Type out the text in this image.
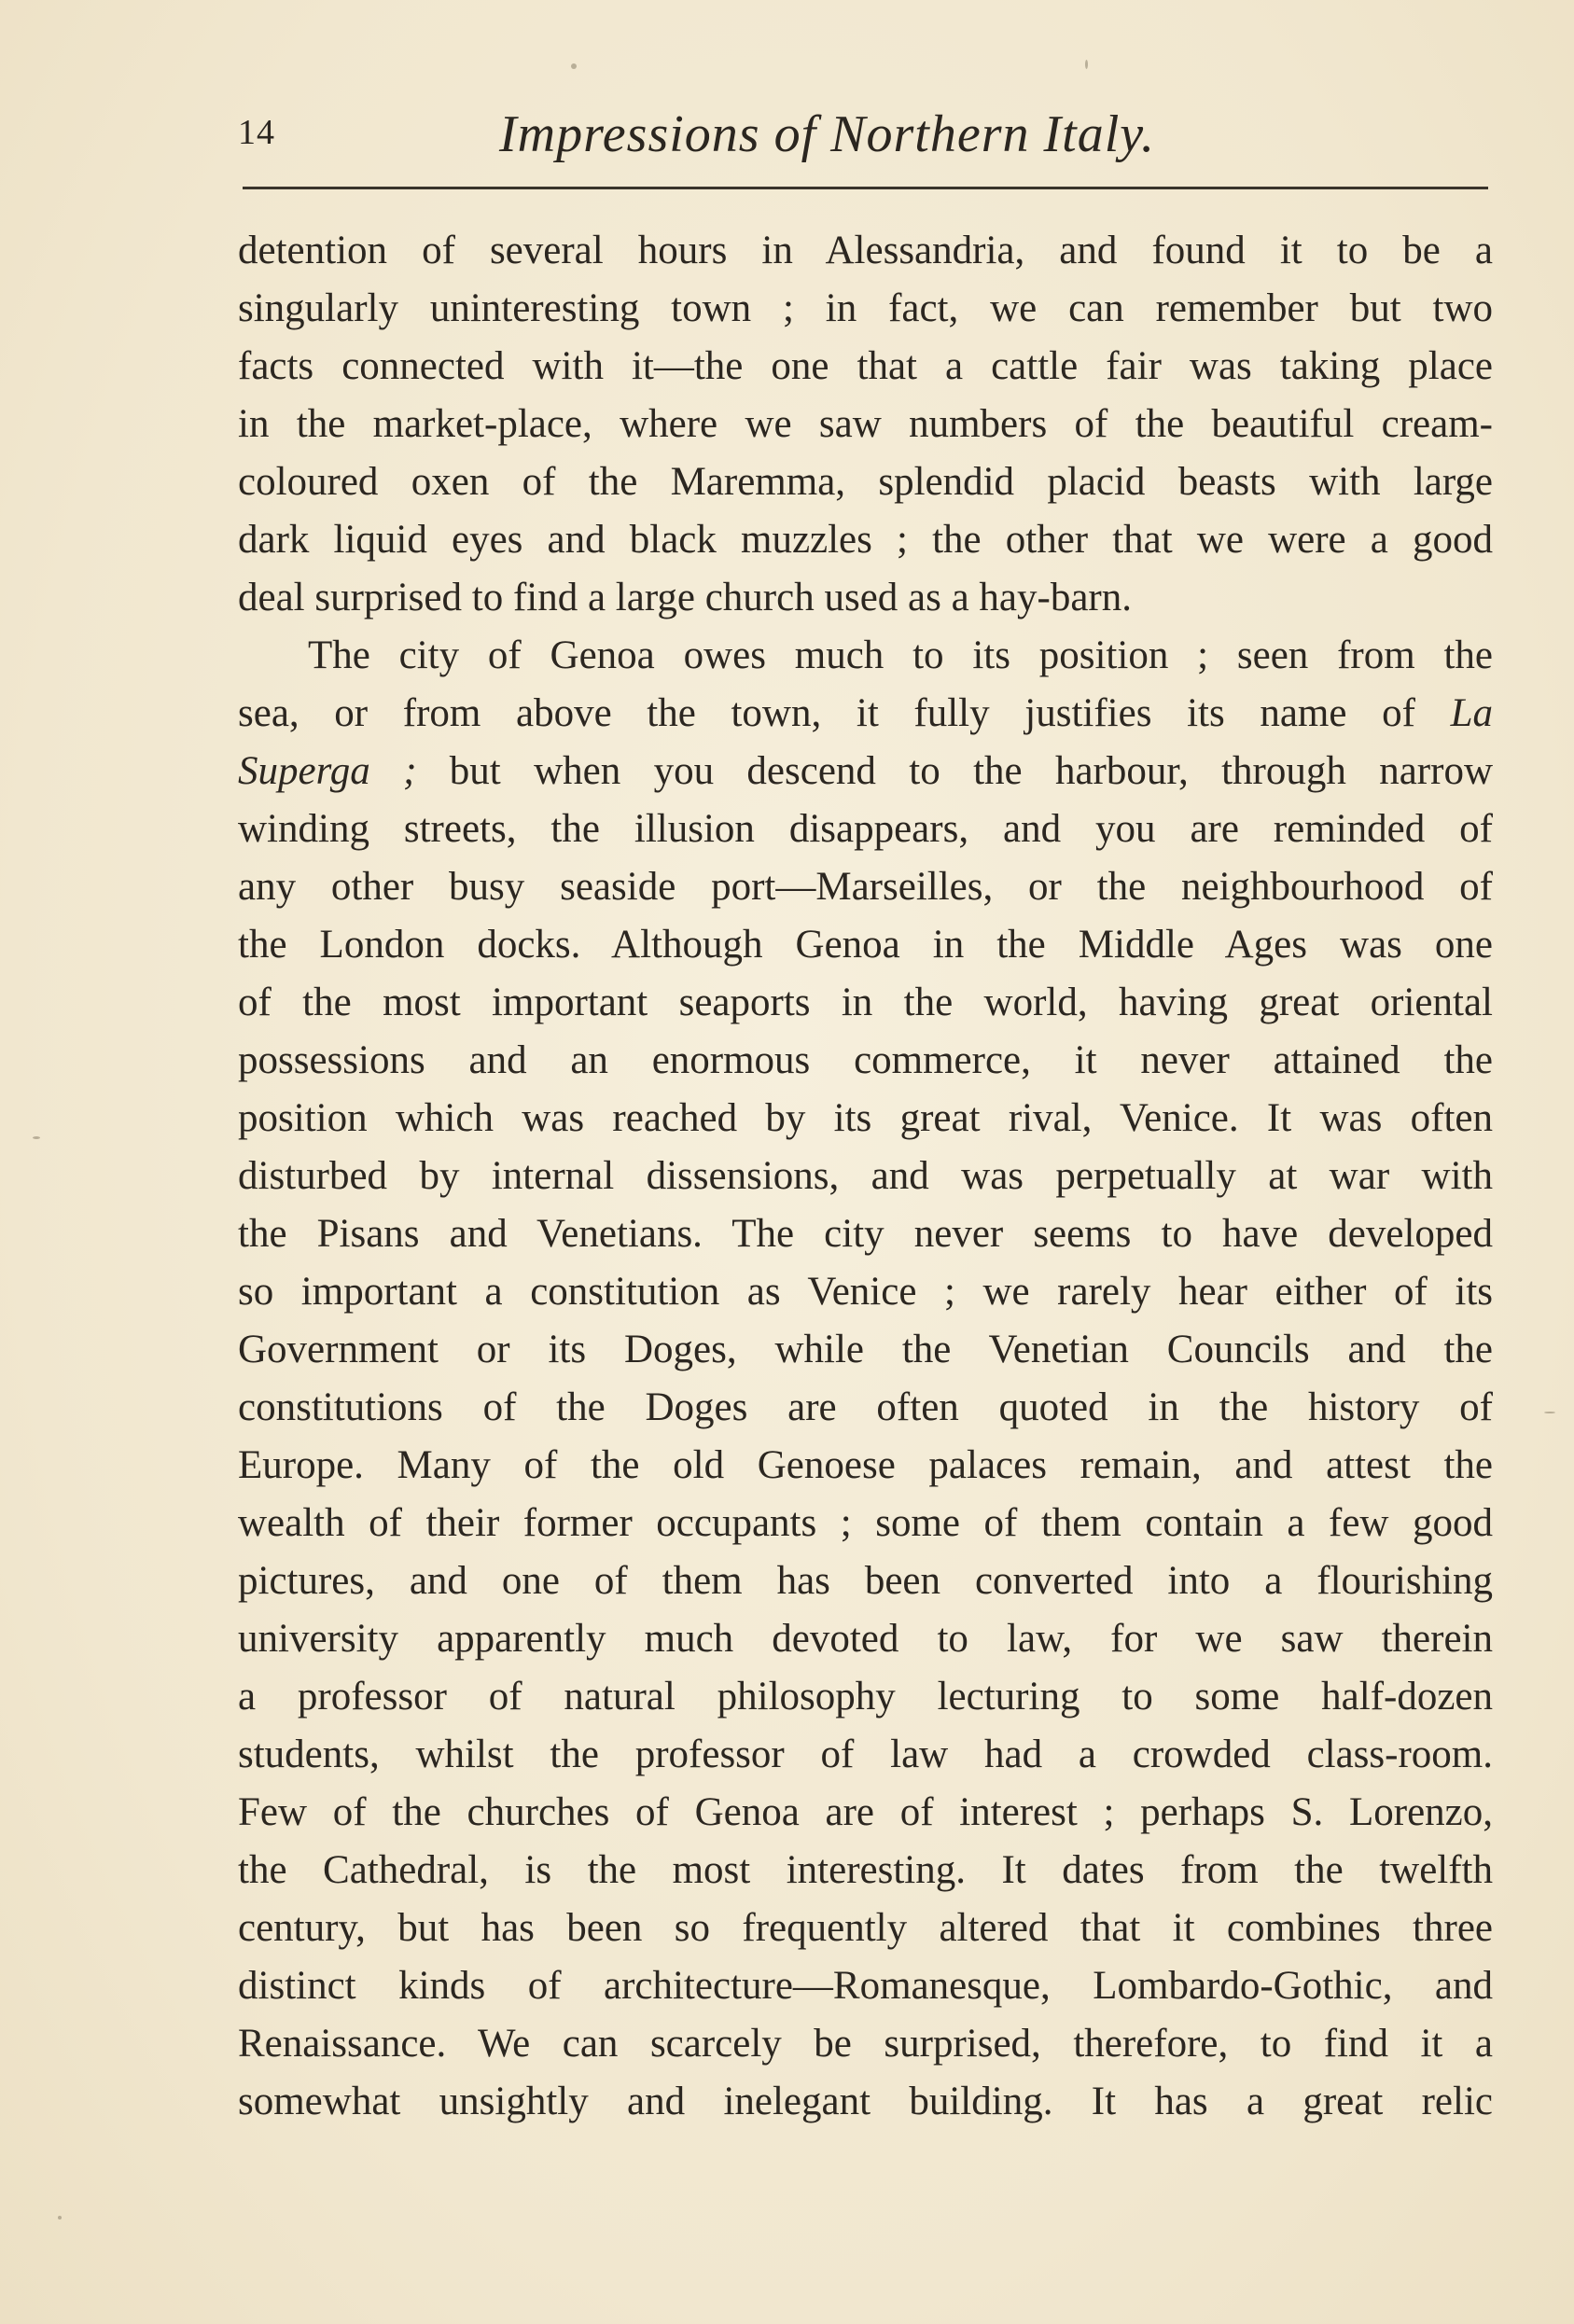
14	Impressions of Northern Italy.
detention of several hours in Alessandria, and found it to be a
singularly uninteresting town ; in fact, we can remember but two
facts connected with it—the one that a cattle fair was taking place
in the market-place, where we saw numbers of the beautiful cream-
coloured oxen of the Maremma, splendid placid beasts with large
dark liquid eyes and black muzzles ; the other that we were a good
deal surprised to find a large church used as a hay-barn.
The city of Genoa owes much to its position ; seen from the
sea, or from above the town, it fully justifies its name of La
Superga ; but when you descend to the harbour, through narrow
winding streets, the illusion disappears, and you are reminded of
any other busy seaside port—Marseilles, or the neighbourhood of
the London docks. Although Genoa in the Middle Ages was one
of the most important seaports in the world, having great oriental
possessions and an enormous commerce, it never attained the
position which was reached by its great rival, Venice. It was often
disturbed by internal dissensions, and was perpetually at war with
the Pisans and Venetians. The city never seems to have developed
so important a constitution as Venice ; we rarely hear either of its
Government or its Doges, while the Venetian Councils and the
constitutions of the Doges are often quoted in the history of
Europe. Many of the old Genoese palaces remain, and attest the
wealth of their former occupants ; some of them contain a few good
pictures, and one of them has been converted into a flourishing
university apparently much devoted to law, for we saw therein
a professor of natural philosophy lecturing to some half-dozen
students, whilst the professor of law had a crowded class-room.
Few of the churches of Genoa are of interest ; perhaps S. Lorenzo,
the Cathedral, is the most interesting. It dates from the twelfth
century, but has been so frequently altered that it combines three
distinct kinds of architecture—Romanesque, Lombardo-Gothic, and
Renaissance. We can scarcely be surprised, therefore, to find it a
somewhat unsightly and inelegant building. It has a great relic
